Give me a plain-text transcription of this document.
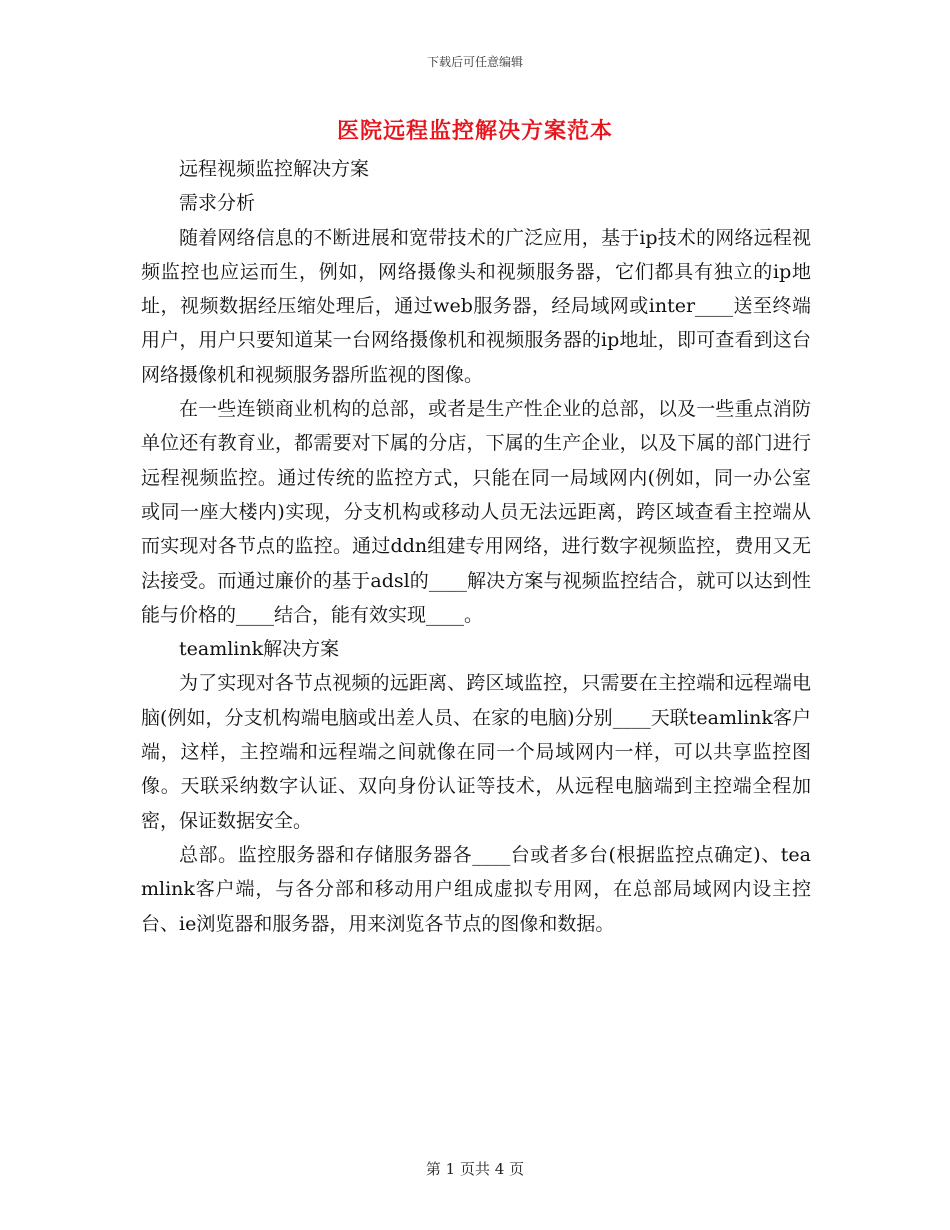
下载后可任意编辑
医院远程监控解决方案范本

远程视频监控解决方案

需求分析

随着网络信息的不断进展和宽带技术的广泛应用，基于ip技术的网络远程视频监控也应运而生，例如，网络摄像头和视频服务器，它们都具有独立的ip地址，视频数据经压缩处理后，通过web服务器，经局域网或inter____送至终端用户，用户只要知道某一台网络摄像机和视频服务器的ip地址，即可查看到这台网络摄像机和视频服务器所监视的图像。

在一些连锁商业机构的总部，或者是生产性企业的总部，以及一些重点消防单位还有教育业，都需要对下属的分店，下属的生产企业，以及下属的部门进行远程视频监控。通过传统的监控方式，只能在同一局域网内(例如，同一办公室或同一座大楼内)实现，分支机构或移动人员无法远距离，跨区域查看主控端从而实现对各节点的监控。通过ddn组建专用网络，进行数字视频监控，费用又无法接受。而通过廉价的基于adsl的____解决方案与视频监控结合，就可以达到性能与价格的____结合，能有效实现____。

teamlink解决方案

为了实现对各节点视频的远距离、跨区域监控，只需要在主控端和远程端电脑(例如，分支机构端电脑或出差人员、在家的电脑)分别____天联teamlink客户端，这样，主控端和远程端之间就像在同一个局域网内一样，可以共享监控图像。天联采纳数字认证、双向身份认证等技术，从远程电脑端到主控端全程加密，保证数据安全。

总部。监控服务器和存储服务器各____台或者多台(根据监控点确定)、teamlink客户端，与各分部和移动用户组成虚拟专用网，在总部局域网内设主控台、ie浏览器和服务器，用来浏览各节点的图像和数据。

第 1 页共 4 页
